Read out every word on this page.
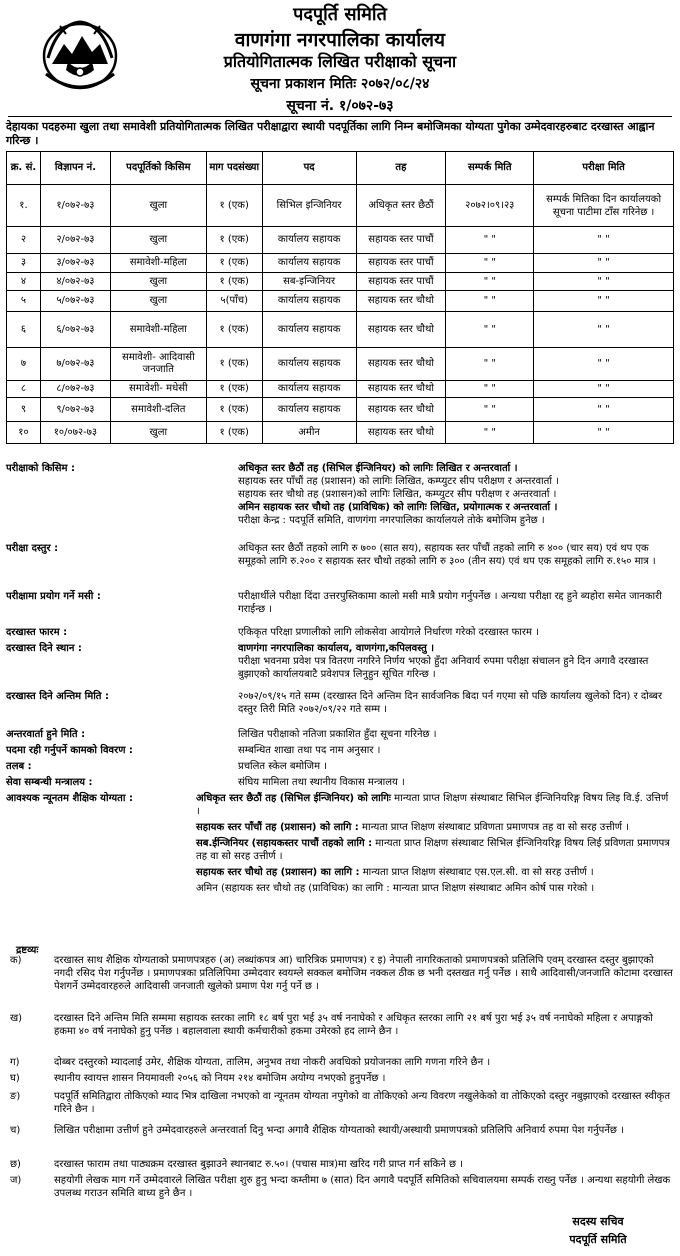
पदपूर्ति समिति
वाणगंगा नगरपालिका कार्यालय
प्रतियोगितात्मक लिखित परीक्षाको सूचना
सूचना प्रकाशन मितिः २०७२/०८/२४
सूचना नं. १/०७२-७३
देहायका पदहरुमा खुला तथा समावेशी प्रतियोगितात्मक लिखित परीक्षाद्वारा स्थायी पदपूर्तिका लागि निम्न बमोजिमका योग्यता पुगेका उम्मेदवारहरुबाट दरखास्त आह्वान गरिन्छ ।
क्र. सं.	विज्ञापन नं.	पदपूर्तिको किसिम	माग पदसंख्या	पद	तह	सम्पर्क मिति	परीक्षा मिति
१.	१/०७२-७३	खुला	१ (एक)	सिभिल इन्जिनियर	अधिकृत स्तर छैठौं	२०७२।०९।२३	सम्पर्क मितिका दिन कार्यालयको सूचना पाटीमा टाँस गरिनेछ ।
२	२/०७२-७३	खुला	१ (एक)	कार्यालय सहायक	सहायक स्तर पाचौं	" "	" "
३	३/०७२-७३	समावेशी-महिला	१ (एक)	कार्यालय सहायक	सहायक स्तर पाचौं	" "	" "
४	४/०७२-७३	खुला	१ (एक)	सब-इन्जिनियर	सहायक स्तर पाचौं	" "	" "
५	५/०७२-७३	खुला	५(पाँच)	कार्यालय सहायक	सहायक स्तर चौथो	" "	" "
६	६/०७२-७३	समावेशी-महिला	१ (एक)	कार्यालय सहायक	सहायक स्तर चौथो	" "	" "
७	७/०७२-७३	समावेशी- आदिवासी जनजाति	१ (एक)	कार्यालय सहायक	सहायक स्तर चौथो	" "	" "
८	८/०७२-७३	समावेशी- मधेसी	१ (एक)	कार्यालय सहायक	सहायक स्तर चौथो	" "	" "
९	९/०७२-७३	समावेशी-दलित	१ (एक)	कार्यालय सहायक	सहायक स्तर चौथो	" "	" "
१०	१०/०७२-७३	खुला	१ (एक)	अमीन	सहायक स्तर चौथो	" "	" "
परीक्षाको किसिम :	अधिकृत स्तर छैठौं तह (सिभिल ईन्जिनियर) को लागिः लिखित र अन्तरवार्ता ।
सहायक स्तर पाँचौं तह (प्रशासन) को लागिः लिखित, कम्प्युटर सीप परीक्षण र अन्तरवार्ता ।
सहायक स्तर चौथो तह (प्रशासन)को लागिः लिखित, कम्प्युटर सीप परीक्षण र अन्तरवार्ता ।
अमिन सहायक स्तर चौथो तह (प्राविधिक) को लागिः लिखित, प्रयोगात्मक र अन्तरवार्ता ।
परीक्षा केन्द्र : पदपूर्ति समिति, वाणगंगा नगरपालिका कार्यालयले तोके बमोजिम हुनेछ ।
परीक्षा दस्तुर :	अधिकृत स्तर छैठौं तहको लागि रु ७०० (सात सय), सहायक स्तर पाँचौं तहको लागि रु ४०० (चार सय) एवं थप एक समूहको लागि रु.२०० र सहायक स्तर चौथो तहको लागि रु ३०० (तीन सय) एवं थप एक समूहको लागि रु.१५० मात्र ।
परीक्षामा प्रयोग गर्ने मसी :	परीक्षार्थीले परीक्षा दिंदा उत्तरपुस्तिकामा कालो मसी मात्रै प्रयोग गर्नुपर्नेछ । अन्यथा परीक्षा रद्द हुने ब्यहोरा समेत जानकारी गराईन्छ ।
दरखास्त फारम :	एकिकृत परिक्षा प्रणालीको लागि लोकसेवा आयोगले निर्धारण गरेको दरखास्त फारम ।
दरखास्त दिने स्थान :	वाणगंगा नगरपालिका कार्यालय, वाणगंगा,कपिलवस्तु ।
परीक्षा भवनमा प्रवेश पत्र वितरण नगरिने निर्णय भएको हुँदा अनिवार्य रुपमा परीक्षा संचालन हुने दिन अगावै दरखास्त बुझाएको कार्यालयबाटै प्रवेशपत्र लिनुहुन सूचित गरिन्छ ।
दरखास्त दिने अन्तिम मिति :	२०७२/०९/१५ गते सम्म (दरखास्त दिने अन्तिम दिन सार्वजनिक बिदा पर्न गएमा सो पछि कार्यालय खुलेको दिन) र दोब्बर दस्तुर तिरी मिति २०७२/०९/२२ गते सम्म ।
अन्तरवार्ता हुने मिति :	लिखित परीक्षाको नतिजा प्रकाशित हुँदा सूचना गरिनेछ ।
पदमा रही गर्नुपर्ने कामको विवरण :	सम्बन्धित शाखा तथा पद नाम अनुसार ।
तलब :	प्रचलित स्केल बमोजिम ।
सेवा सम्बन्धी मन्त्रालय :	संघिय मामिला तथा स्थानीय विकास मन्त्रालय ।
आवश्यक न्यूनतम शैक्षिक योग्यता :	अधिकृत स्तर छैठौं तह (सिभिल ईन्जिनियर) को लागिः मान्यता प्राप्त शिक्षण संस्थाबाट सिभिल ईन्जिनियरिङ्ग विषय लिइ वि.ई. उत्तिर्ण ।
सहायक स्तर पाँचौं तह (प्रशासन) को लागि : मान्यता प्राप्त शिक्षण संस्थाबाट प्रविणता प्रमाणपत्र तह वा सो सरह उत्तीर्ण ।
सब.ईन्जिनियर (सहायकस्तर पाचौं तहको लागि : मान्यता प्राप्त शिक्षण संस्थाबाट सिभिल ईन्जिनियरिङ्ग विषय लिई प्रविणता प्रमाणपत्र तह वा सो सरह उत्तीर्ण ।
सहायक स्तर चौथो तह (प्रशासन) का लागि : मान्यता प्राप्त शिक्षण संस्थाबाट एस.एल.सी. वा सो सरह उत्तीर्ण ।
अमिन (सहायक स्तर चौथो तह (प्राविधिक) का लागि : मान्यता प्राप्त शिक्षण संस्थाबाट अमिन कोर्ष पास गरेको ।
द्रष्टव्यः
क)	दरखास्त साथ शैक्षिक योग्यताको प्रमाणपत्रहरु (अ) लब्धांकपत्र आ) चारित्रिक प्रमाणपत्र) र इ) नेपाली नागरिकताको प्रमाणपत्रको प्रतिलिपि एवम् दरखास्त दस्तुर बुझाएको नगदी रसिद पेश गर्नुपर्नेछ । प्रमाणपत्रका प्रतिलिपिमा उम्मेदवार स्वयम्ले सक्कल बमोजिम नक्कल ठीक छ भनी दस्तखत गर्नु पर्नेछ । साथै आदिवासी/जनजाति कोटामा दरखास्त पेशगर्ने उम्मेदवारहरुले आदिवासी जनजाती खुलेको प्रमाण पेश गर्नु पर्ने छ ।
ख)	दरखास्त दिने अन्तिम मिति सम्ममा सहायक स्तरका लागि १८ बर्ष पुरा भई ३५ वर्ष ननाघेको र अधिकृत स्तरका लागि २१ बर्ष पुरा भई ३५ वर्ष ननाघेको महिला र अपाङ्गको हकमा ४० वर्ष ननाघेको हुनु पर्नेछ । बहालवाला स्थायी कर्मचारीको हकमा उमेरको हद लाग्ने छैन ।
ग)	दोब्बर दस्तुरको म्यादलाई उमेर, शैक्षिक योग्यता, तालिम, अनुभव तथा नोकरी अवधिको प्रयोजनका लागि गणना गरिने छैन ।
घ)	स्थानीय स्वायत्त शासन नियमावली २०५६ को नियम २१४ बमोजिम अयोग्य नभएको हुनुपर्नेछ ।
ङ)	पदपूर्ति समितिद्वारा तोकिएको म्याद भित्र दाखिला नभएको वा न्यूनतम योग्यता नपुगेको वा तोकिएको अन्य विवरण नखुलेकेको वा तोकिएको दस्तुर नबुझाएको दरखास्त स्वीकृत गरिने छैन ।
च)	लिखित परीक्षामा उत्तीर्ण हुने उम्मेदवारहरुले अन्तरवार्ता दिनु भन्दा अगावै शैक्षिक योग्यताको स्थायी/अस्थायी प्रमाणपत्रको प्रतिलिपि अनिवार्य रुपमा पेश गर्नुपर्नेछ ।
छ)	दरखास्त फाराम तथा पाठ्यक्रम दरखास्त बुझाउने स्थानबाट रु.५०। (पचास मात्र)मा खरिद गरी प्राप्त गर्न सकिने छ ।
ज)	सहयोगी लेखक माग गर्ने उम्मेदवारले लिखित परीक्षा शुरु हुनु भन्दा कम्तीमा ७ (सात) दिन अगावै पदपूर्ति समितिको सचिवालयमा सम्पर्क राख्नु पर्नेछ । अन्यथा सहयोगी लेखक उपलब्ध गराउन समिति बाध्य हुने छैन ।
सदस्य सचिव
पदपूर्ति समिति
